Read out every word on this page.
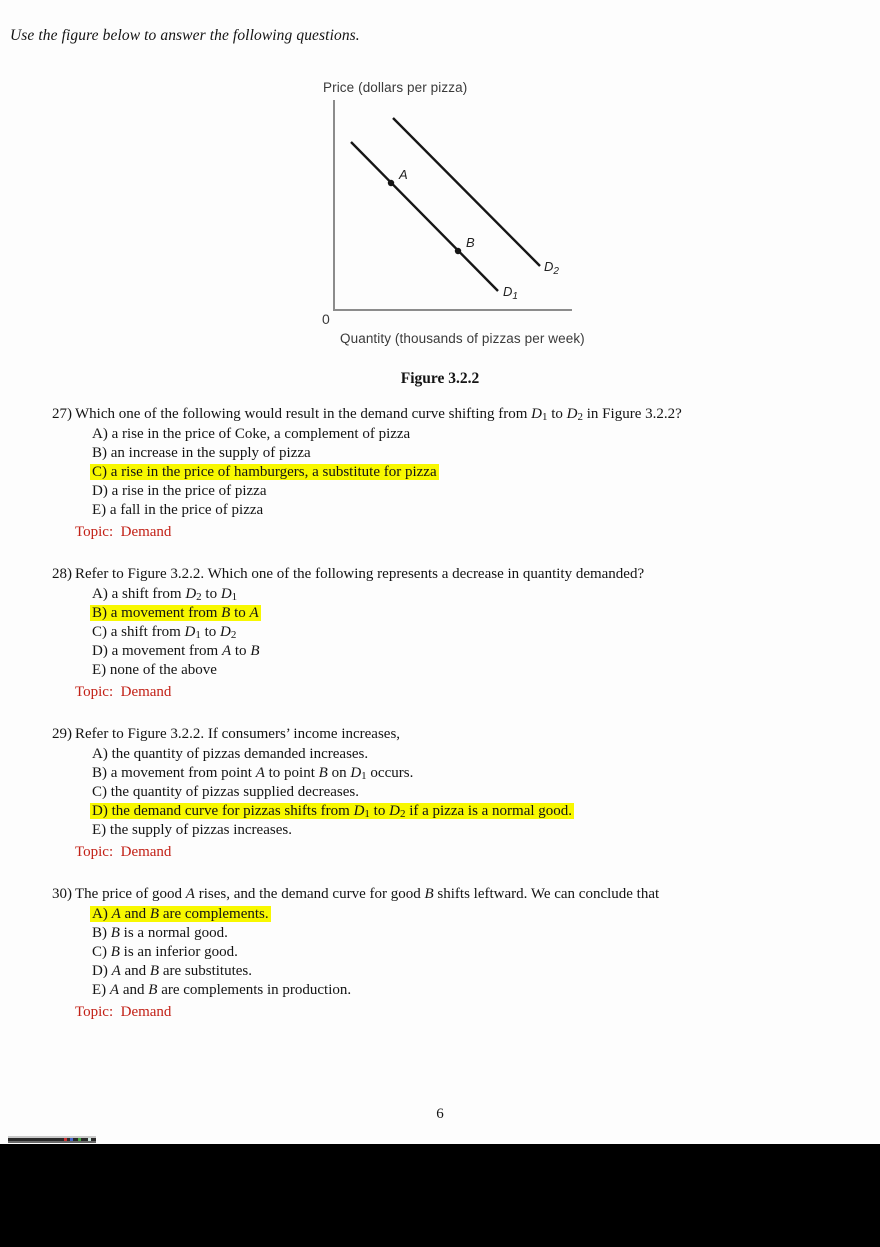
Use the figure below to answer the following questions.
Price (dollars per pizza)
A
B
$D_1$
$D_2$
0
Quantity (thousands of pizzas per week)
Figure 3.2.2
27) Which one of the following would result in the demand curve shifting from $D_1$ to $D_2$ in Figure 3.2.2?
A) a rise in the price of Coke, a complement of pizza
B) an increase in the supply of pizza
C) a rise in the price of hamburgers, a substitute for pizza
D) a rise in the price of pizza
E) a fall in the price of pizza
Topic:  Demand
28) Refer to Figure 3.2.2. Which one of the following represents a decrease in quantity demanded?
A) a shift from $D_2$ to $D_1$
B) a movement from B to A
C) a shift from $D_1$ to $D_2$
D) a movement from A to B
E) none of the above
Topic:  Demand
29) Refer to Figure 3.2.2. If consumers’ income increases,
A) the quantity of pizzas demanded increases.
B) a movement from point A to point B on $D_1$ occurs.
C) the quantity of pizzas supplied decreases.
D) the demand curve for pizzas shifts from $D_1$ to $D_2$ if a pizza is a normal good.
E) the supply of pizzas increases.
Topic:  Demand
30) The price of good A rises, and the demand curve for good B shifts leftward. We can conclude that
A) A and B are complements.
B) B is a normal good.
C) B is an inferior good.
D) A and B are substitutes.
E) A and B are complements in production.
Topic:  Demand
6
